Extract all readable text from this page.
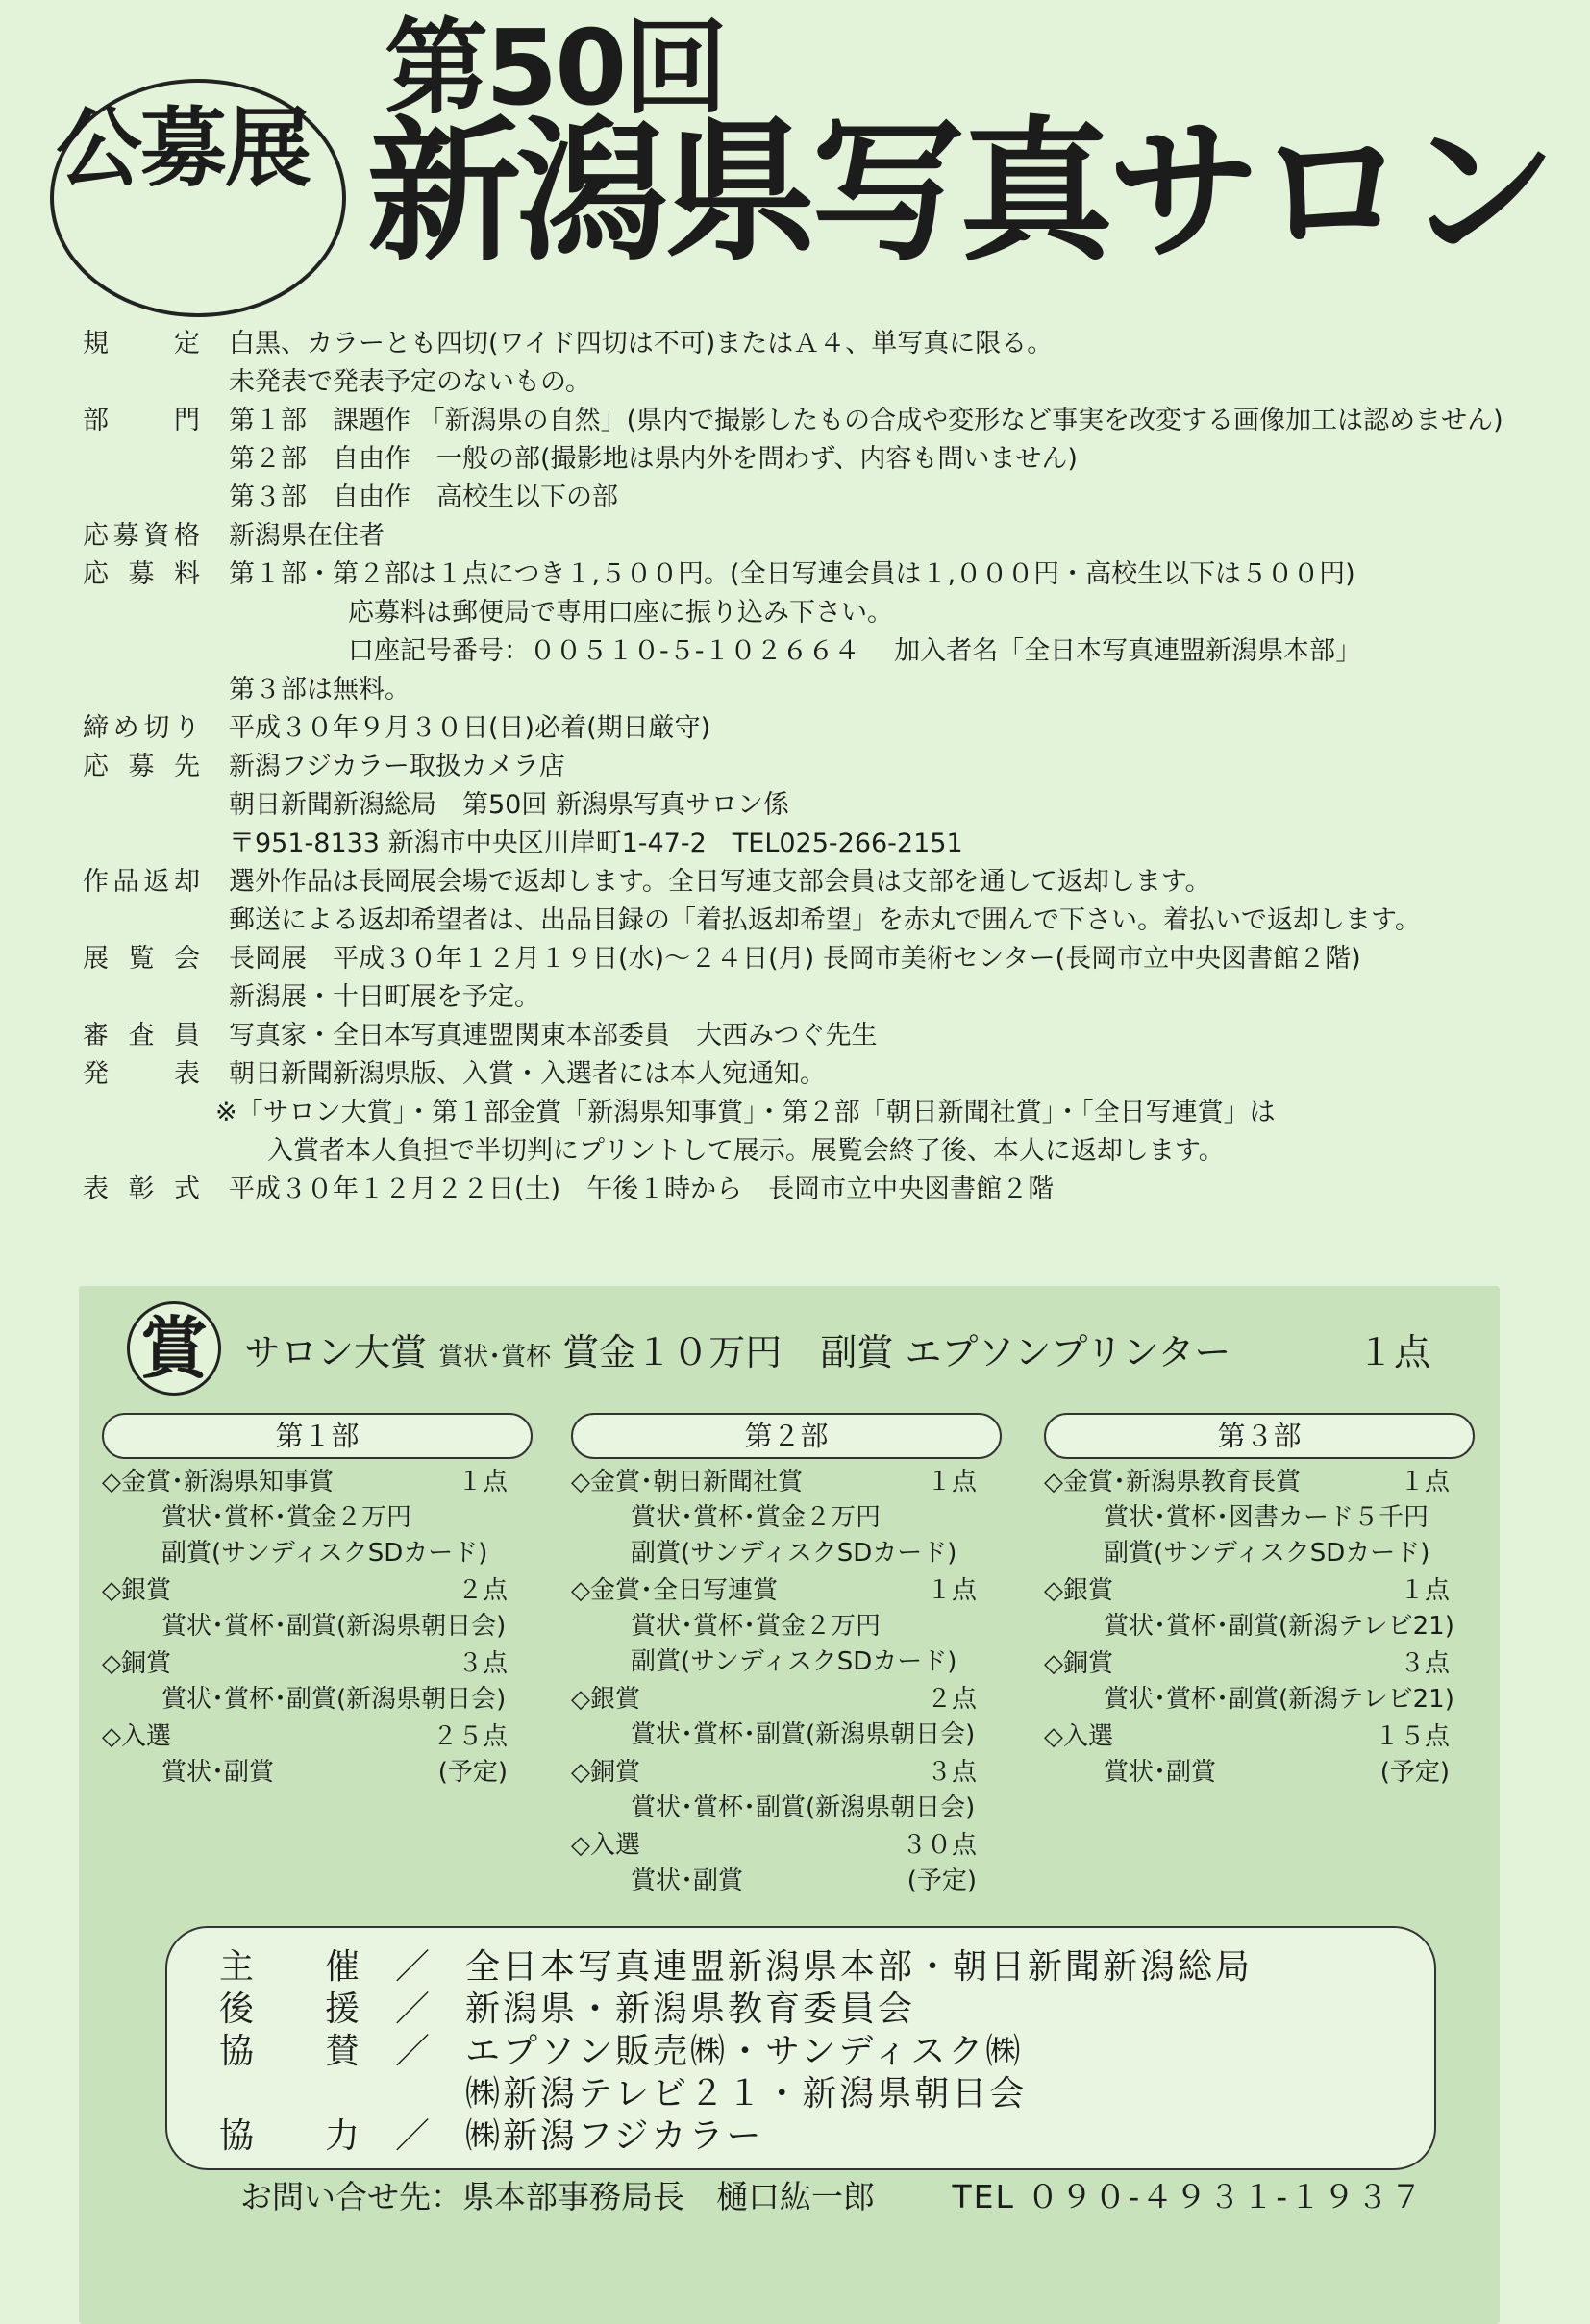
公募展
第50回
新潟県写真サロン
規定 白黒、カラーとも四切(ワイド四切は不可)またはＡ４、単写真に限る。
未発表で発表予定のないもの。
部門 第１部　課題作 「新潟県の自然」(県内で撮影したもの合成や変形など事実を改変する画像加工は認めません)
第２部　自由作　一般の部(撮影地は県内外を問わず、内容も問いません)
第３部　自由作　高校生以下の部
応募資格 新潟県在住者
応募料 第１部・第２部は１点につき１,５００円。(全日写連会員は１,０００円・高校生以下は５００円)
応募料は郵便局で専用口座に振り込み下さい。
口座記号番号：００５１０-５-１０２６６４　 加入者名「全日本写真連盟新潟県本部」
第３部は無料。
締め切り 平成３０年９月３０日(日)必着(期日厳守)
応募先 新潟フジカラー取扱カメラ店
朝日新聞新潟総局　第50回 新潟県写真サロン係
〒951-8133 新潟市中央区川岸町1-47-2　TEL025-266-2151
作品返却 選外作品は長岡展会場で返却します。全日写連支部会員は支部を通して返却します。
郵送による返却希望者は、出品目録の「着払返却希望」を赤丸で囲んで下さい。着払いで返却します。
展覧会 長岡展　平成３０年１２月１９日(水)～２４日(月) 長岡市美術センター(長岡市立中央図書館２階)
新潟展・十日町展を予定。
審査員 写真家・全日本写真連盟関東本部委員　大西みつぐ先生
発表 朝日新聞新潟県版、入賞・入選者には本人宛通知。
※「サロン大賞」・第１部金賞「新潟県知事賞」・第２部「朝日新聞社賞」・「全日写連賞」は
入賞者本人負担で半切判にプリントして展示。展覧会終了後、本人に返却します。
表彰式 平成３０年１２月２２日(土)　午後１時から　長岡市立中央図書館２階
賞	サロン大賞 賞状･賞杯 賞金１０万円 副賞 エプソンプリンター	１点
第１部
◇金賞･新潟県知事賞	１点
賞状･賞杯･賞金２万円
副賞(サンディスクSDカード)
◇銀賞	２点
賞状･賞杯･副賞(新潟県朝日会)
◇銅賞	３点
賞状･賞杯･副賞(新潟県朝日会)
◇入選	２５点
賞状･副賞	(予定)
第２部
◇金賞･朝日新聞社賞	１点
賞状･賞杯･賞金２万円
副賞(サンディスクSDカード)
◇金賞･全日写連賞	１点
賞状･賞杯･賞金２万円
副賞(サンディスクSDカード)
◇銀賞	２点
賞状･賞杯･副賞(新潟県朝日会)
◇銅賞	３点
賞状･賞杯･副賞(新潟県朝日会)
◇入選	３０点
賞状･副賞	(予定)
第３部
◇金賞･新潟県教育長賞	１点
賞状･賞杯･図書カード５千円
副賞(サンディスクSDカード)
◇銀賞	１点
賞状･賞杯･副賞(新潟テレビ21)
◇銅賞	３点
賞状･賞杯･副賞(新潟テレビ21)
◇入選	１５点
賞状･副賞	(予定)
主催 ／ 全日本写真連盟新潟県本部・朝日新聞新潟総局
後援 ／ 新潟県・新潟県教育委員会
協賛 ／ エプソン販売㈱・サンディスク㈱
㈱新潟テレビ２１・新潟県朝日会
協力 ／ ㈱新潟フジカラー
お問い合せ先：県本部事務局長　樋口紘一郎 TEL ０９０-４９３１-１９３７
